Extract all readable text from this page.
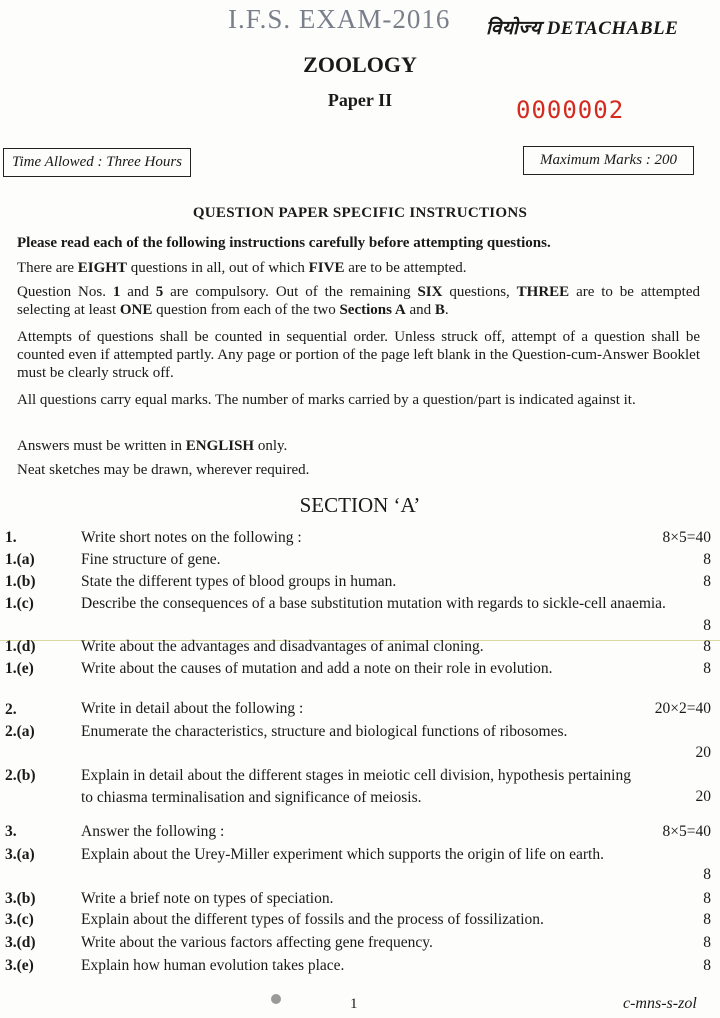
I.F.S. EXAM-2016 वियोज्य DETACHABLE
ZOOLOGY
Paper II	0000002
Time Allowed : Three Hours	Maximum Marks : 200
QUESTION PAPER SPECIFIC INSTRUCTIONS
Please read each of the following instructions carefully before attempting questions.
There are EIGHT questions in all, out of which FIVE are to be attempted.
Question Nos. 1 and 5 are compulsory. Out of the remaining SIX questions, THREE are to be attempted selecting at least ONE question from each of the two Sections A and B.
Attempts of questions shall be counted in sequential order. Unless struck off, attempt of a question shall be counted even if attempted partly. Any page or portion of the page left blank in the Question-cum-Answer Booklet must be clearly struck off.
All questions carry equal marks. The number of marks carried by a question/part is indicated against it.
Answers must be written in ENGLISH only.
Neat sketches may be drawn, wherever required.
SECTION ‘A’
1.	Write short notes on the following :	8×5=40
1.(a)	Fine structure of gene.	8
1.(b)	State the different types of blood groups in human.	8
1.(c)	Describe the consequences of a base substitution mutation with regards to sickle-cell anaemia.
8
1.(d)	Write about the advantages and disadvantages of animal cloning.	8
1.(e)	Write about the causes of mutation and add a note on their role in evolution.	8
2.	Write in detail about the following :	20×2=40
2.(a)	Enumerate the characteristics, structure and biological functions of ribosomes.
20
2.(b)	Explain in detail about the different stages in meiotic cell division, hypothesis pertaining to chiasma terminalisation and significance of meiosis.	20
3.	Answer the following :	8×5=40
3.(a)	Explain about the Urey-Miller experiment which supports the origin of life on earth.
8
3.(b)	Write a brief note on types of speciation.	8
3.(c)	Explain about the different types of fossils and the process of fossilization.	8
3.(d)	Write about the various factors affecting gene frequency.	8
3.(e)	Explain how human evolution takes place.	8
1	c-mns-s-zol
